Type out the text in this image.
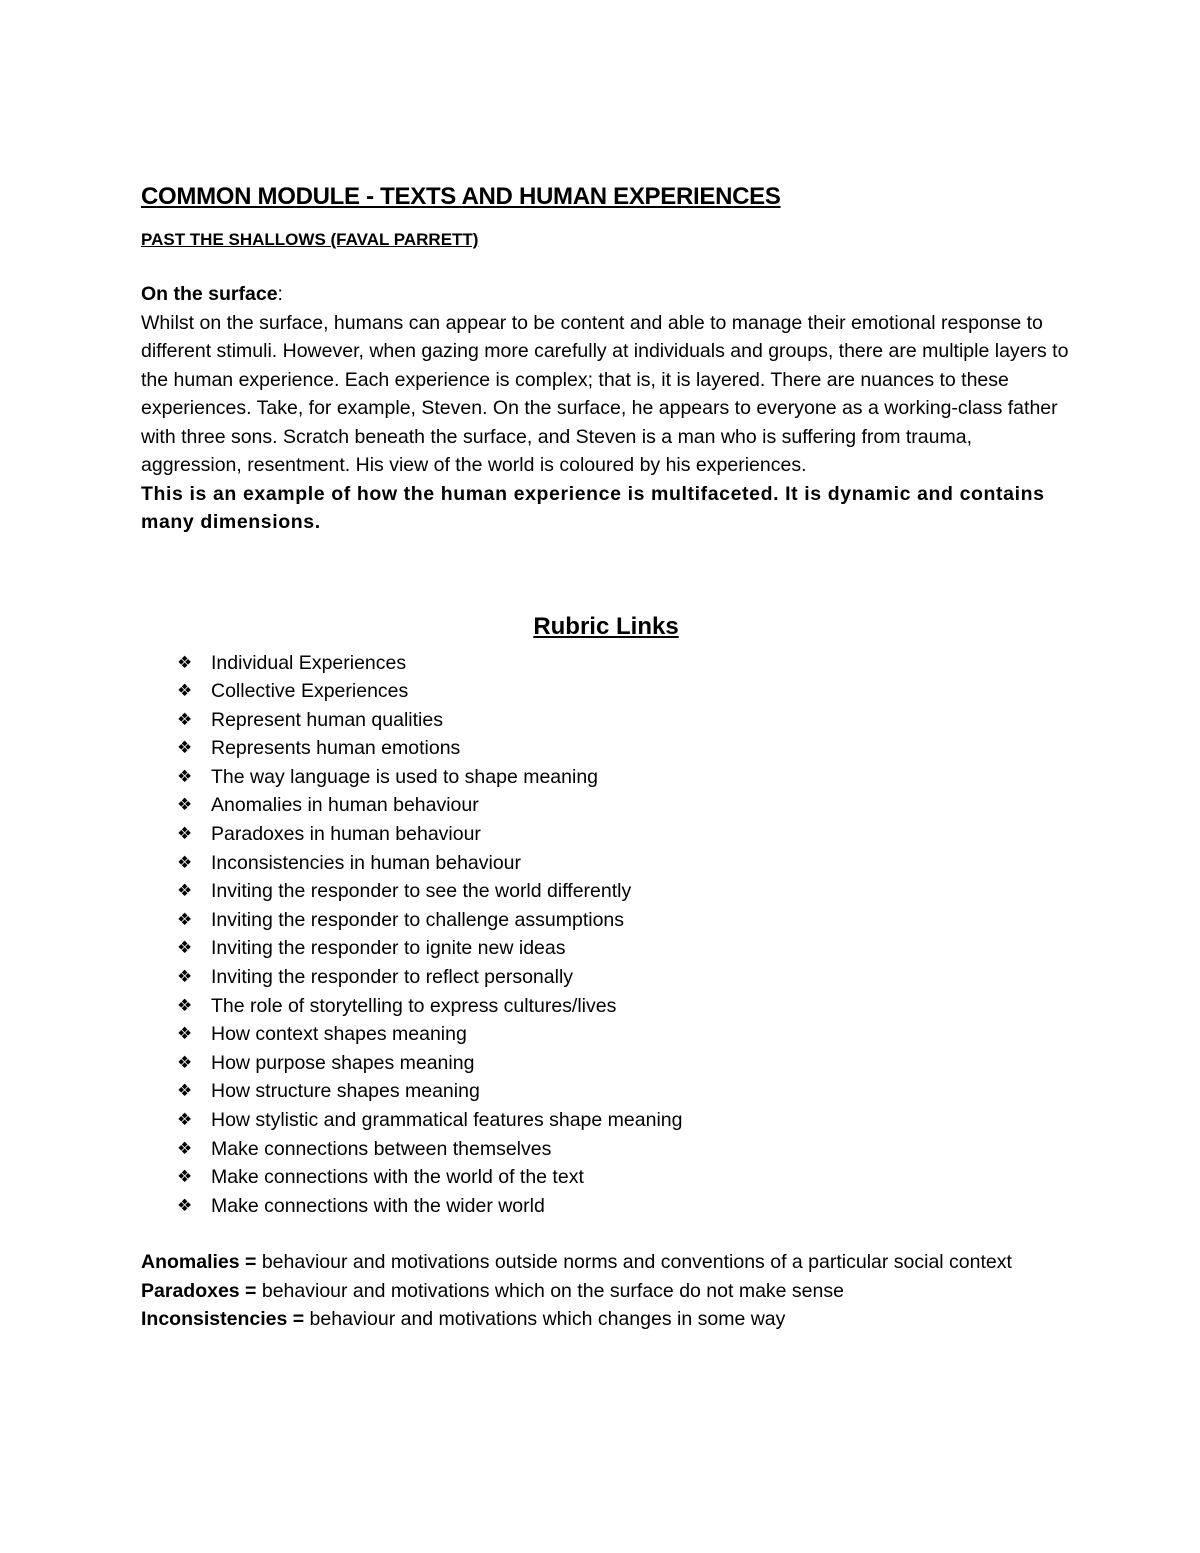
COMMON MODULE - TEXTS AND HUMAN EXPERIENCES
PAST THE SHALLOWS (FAVAL PARRETT)
On the surface:

Whilst on the surface, humans can appear to be content and able to manage their emotional response to different stimuli. However, when gazing more carefully at individuals and groups, there are multiple layers to the human experience. Each experience is complex; that is, it is layered. There are nuances to these experiences. Take, for example, Steven. On the surface, he appears to everyone as a working-class father with three sons. Scratch beneath the surface, and Steven is a man who is suffering from trauma, aggression, resentment. His view of the world is coloured by his experiences.

This is an example of how the human experience is multifaceted. It is dynamic and contains many dimensions.

Rubric Links
❖ Individual Experiences
❖ Collective Experiences
❖ Represent human qualities
❖ Represents human emotions
❖ The way language is used to shape meaning
❖ Anomalies in human behaviour
❖ Paradoxes in human behaviour
❖ Inconsistencies in human behaviour
❖ Inviting the responder to see the world differently
❖ Inviting the responder to challenge assumptions
❖ Inviting the responder to ignite new ideas
❖ Inviting the responder to reflect personally
❖ The role of storytelling to express cultures/lives
❖ How context shapes meaning
❖ How purpose shapes meaning
❖ How structure shapes meaning
❖ How stylistic and grammatical features shape meaning
❖ Make connections between themselves
❖ Make connections with the world of the text
❖ Make connections with the wider world

Anomalies = behaviour and motivations outside norms and conventions of a particular social context

Paradoxes = behaviour and motivations which on the surface do not make sense

Inconsistencies = behaviour and motivations which changes in some way
